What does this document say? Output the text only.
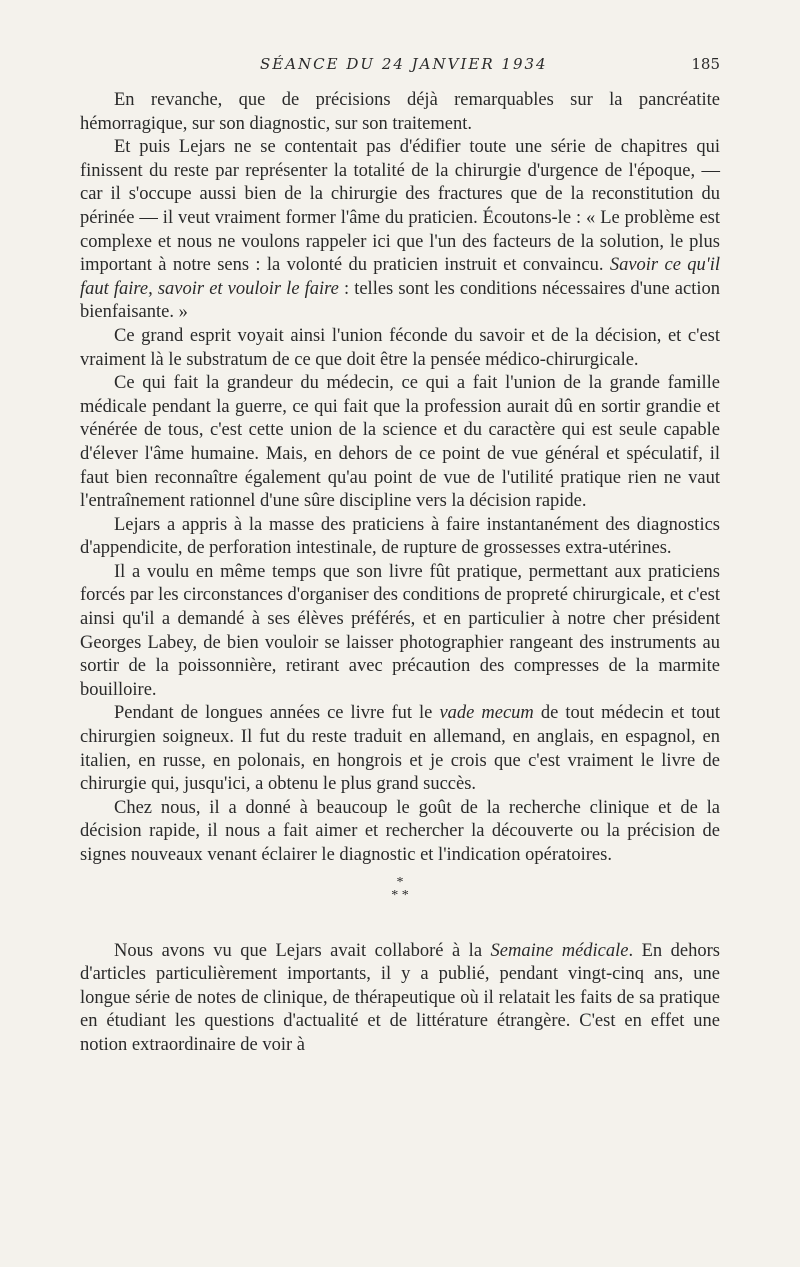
SÉANCE DU 24 JANVIER 1934	185

En revanche, que de précisions déjà remarquables sur la pancréatite hémorragique, sur son diagnostic, sur son traitement.

Et puis Lejars ne se contentait pas d'édifier toute une série de chapitres qui finissent du reste par représenter la totalité de la chirurgie d'urgence de l'époque, — car il s'occupe aussi bien de la chirurgie des fractures que de la reconstitution du périnée — il veut vraiment former l'âme du praticien. Écoutons-le : « Le problème est complexe et nous ne voulons rappeler ici que l'un des facteurs de la solution, le plus important à notre sens : la volonté du praticien instruit et convaincu. Savoir ce qu'il faut faire, savoir et vouloir le faire : telles sont les conditions nécessaires d'une action bienfaisante. »

Ce grand esprit voyait ainsi l'union féconde du savoir et de la décision, et c'est vraiment là le substratum de ce que doit être la pensée médico-chirurgicale.

Ce qui fait la grandeur du médecin, ce qui a fait l'union de la grande famille médicale pendant la guerre, ce qui fait que la profession aurait dû en sortir grandie et vénérée de tous, c'est cette union de la science et du caractère qui est seule capable d'élever l'âme humaine. Mais, en dehors de ce point de vue général et spéculatif, il faut bien reconnaître également qu'au point de vue de l'utilité pratique rien ne vaut l'entraînement rationnel d'une sûre discipline vers la décision rapide.

Lejars a appris à la masse des praticiens à faire instantanément des diagnostics d'appendicite, de perforation intestinale, de rupture de grossesses extra-utérines.

Il a voulu en même temps que son livre fût pratique, permettant aux praticiens forcés par les circonstances d'organiser des conditions de propreté chirurgicale, et c'est ainsi qu'il a demandé à ses élèves préférés, et en particulier à notre cher président Georges Labey, de bien vouloir se laisser photographier rangeant des instruments au sortir de la poissonnière, retirant avec précaution des compresses de la marmite bouilloire.

Pendant de longues années ce livre fut le vade mecum de tout médecin et tout chirurgien soigneux. Il fut du reste traduit en allemand, en anglais, en espagnol, en italien, en russe, en polonais, en hongrois et je crois que c'est vraiment le livre de chirurgie qui, jusqu'ici, a obtenu le plus grand succès.

Chez nous, il a donné à beaucoup le goût de la recherche clinique et de la décision rapide, il nous a fait aimer et rechercher la découverte ou la précision de signes nouveaux venant éclairer le diagnostic et l'indication opératoires.

*
* *

Nous avons vu que Lejars avait collaboré à la Semaine médicale. En dehors d'articles particulièrement importants, il y a publié, pendant vingt-cinq ans, une longue série de notes de clinique, de thérapeutique où il relatait les faits de sa pratique en étudiant les questions d'actualité et de littérature étrangère. C'est en effet une notion extraordinaire de voir à
